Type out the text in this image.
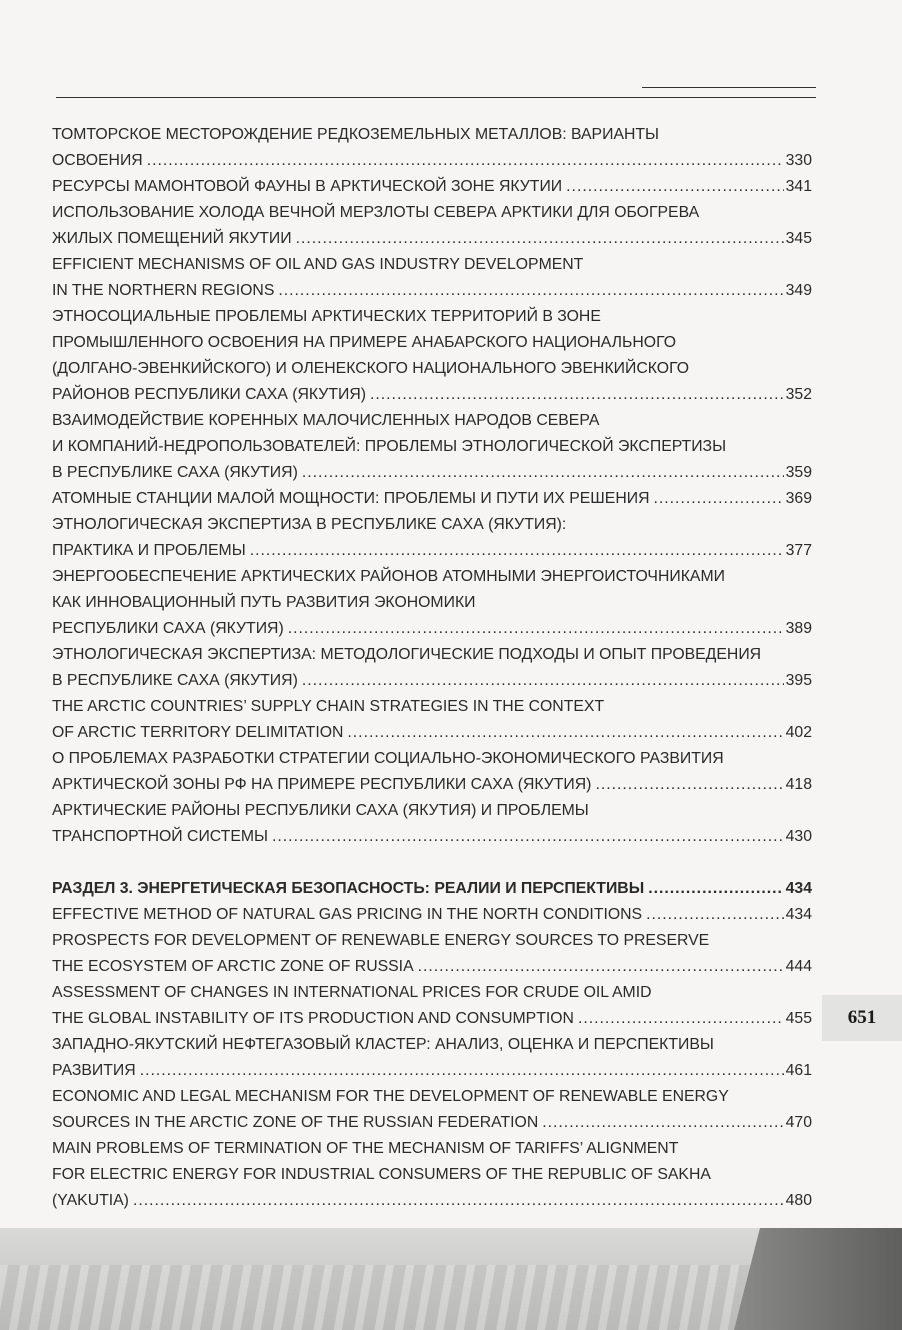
ТОМТОРСКОЕ МЕСТОРОЖДЕНИЕ РЕДКОЗЕМЕЛЬНЫХ МЕТАЛЛОВ: ВАРИАНТЫ
ОСВОЕНИЯ .....	330
РЕСУРСЫ МАМОНТОВОЙ ФАУНЫ В АРКТИЧЕСКОЙ ЗОНЕ ЯКУТИИ .....	341
ИСПОЛЬЗОВАНИЕ ХОЛОДА ВЕЧНОЙ МЕРЗЛОТЫ СЕВЕРА АРКТИКИ ДЛЯ ОБОГРЕВА
ЖИЛЫХ ПОМЕЩЕНИЙ ЯКУТИИ .....	345
EFFICIENT MECHANISMS OF OIL AND GAS INDUSTRY DEVELOPMENT
IN THE NORTHERN REGIONS .....	349
ЭТНОСОЦИАЛЬНЫЕ ПРОБЛЕМЫ АРКТИЧЕСКИХ ТЕРРИТОРИЙ В ЗОНЕ
ПРОМЫШЛЕННОГО ОСВОЕНИЯ НА ПРИМЕРЕ АНАБАРСКОГО НАЦИОНАЛЬНОГО
(ДОЛГАНО-ЭВЕНКИЙСКОГО) И ОЛЕНЕКСКОГО НАЦИОНАЛЬНОГО ЭВЕНКИЙСКОГО
РАЙОНОВ РЕСПУБЛИКИ САХА (ЯКУТИЯ) .....	352
ВЗАИМОДЕЙСТВИЕ КОРЕННЫХ МАЛОЧИСЛЕННЫХ НАРОДОВ СЕВЕРА
И КОМПАНИЙ-НЕДРОПОЛЬЗОВАТЕЛЕЙ: ПРОБЛЕМЫ ЭТНОЛОГИЧЕСКОЙ ЭКСПЕРТИЗЫ
В РЕСПУБЛИКЕ САХА (ЯКУТИЯ) .....	359
АТОМНЫЕ СТАНЦИИ МАЛОЙ МОЩНОСТИ: ПРОБЛЕМЫ И ПУТИ ИХ РЕШЕНИЯ .....	369
ЭТНОЛОГИЧЕСКАЯ ЭКСПЕРТИЗА В РЕСПУБЛИКЕ САХА (ЯКУТИЯ):
ПРАКТИКА И ПРОБЛЕМЫ .....	377
ЭНЕРГООБЕСПЕЧЕНИЕ АРКТИЧЕСКИХ РАЙОНОВ АТОМНЫМИ ЭНЕРГОИСТОЧНИКАМИ
КАК ИННОВАЦИОННЫЙ ПУТЬ РАЗВИТИЯ ЭКОНОМИКИ
РЕСПУБЛИКИ САХА (ЯКУТИЯ) .....	389
ЭТНОЛОГИЧЕСКАЯ ЭКСПЕРТИЗА: МЕТОДОЛОГИЧЕСКИЕ ПОДХОДЫ И ОПЫТ ПРОВЕДЕНИЯ
В РЕСПУБЛИКЕ САХА (ЯКУТИЯ) .....	395
THE ARCTIC COUNTRIES’ SUPPLY CHAIN STRATEGIES IN THE CONTEXT
OF ARCTIC TERRITORY DELIMITATION .....	402
О ПРОБЛЕМАХ РАЗРАБОТКИ СТРАТЕГИИ СОЦИАЛЬНО-ЭКОНОМИЧЕСКОГО РАЗВИТИЯ
АРКТИЧЕСКОЙ ЗОНЫ РФ НА ПРИМЕРЕ РЕСПУБЛИКИ САХА (ЯКУТИЯ) .....	418
АРКТИЧЕСКИЕ РАЙОНЫ РЕСПУБЛИКИ САХА (ЯКУТИЯ) И ПРОБЛЕМЫ
ТРАНСПОРТНОЙ СИСТЕМЫ .....	430
РАЗДЕЛ 3. ЭНЕРГЕТИЧЕСКАЯ БЕЗОПАСНОСТЬ: РЕАЛИИ И ПЕРСПЕКТИВЫ .....	434
EFFECTIVE METHOD OF NATURAL GAS PRICING IN THE NORTH CONDITIONS .....	434
PROSPECTS FOR DEVELOPMENT OF RENEWABLE ENERGY SOURCES TO PRESERVE
THE ECOSYSTEM OF ARCTIC ZONE OF RUSSIA .....	444
ASSESSMENT OF CHANGES IN INTERNATIONAL PRICES FOR CRUDE OIL AMID
THE GLOBAL INSTABILITY OF ITS PRODUCTION AND CONSUMPTION .....	455
ЗАПАДНО-ЯКУТСКИЙ НЕФТЕГАЗОВЫЙ КЛАСТЕР: АНАЛИЗ, ОЦЕНКА И ПЕРСПЕКТИВЫ
РАЗВИТИЯ .....	461
ECONOMIC AND LEGAL MECHANISM FOR THE DEVELOPMENT OF RENEWABLE ENERGY
SOURCES IN THE ARCTIC ZONE OF THE RUSSIAN FEDERATION .....	470
MAIN PROBLEMS OF TERMINATION OF THE MECHANISM OF TARIFFS’ ALIGNMENT
FOR ELECTRIC ENERGY FOR INDUSTRIAL CONSUMERS OF THE REPUBLIC OF SAKHA
(YAKUTIA) .....	480
651
